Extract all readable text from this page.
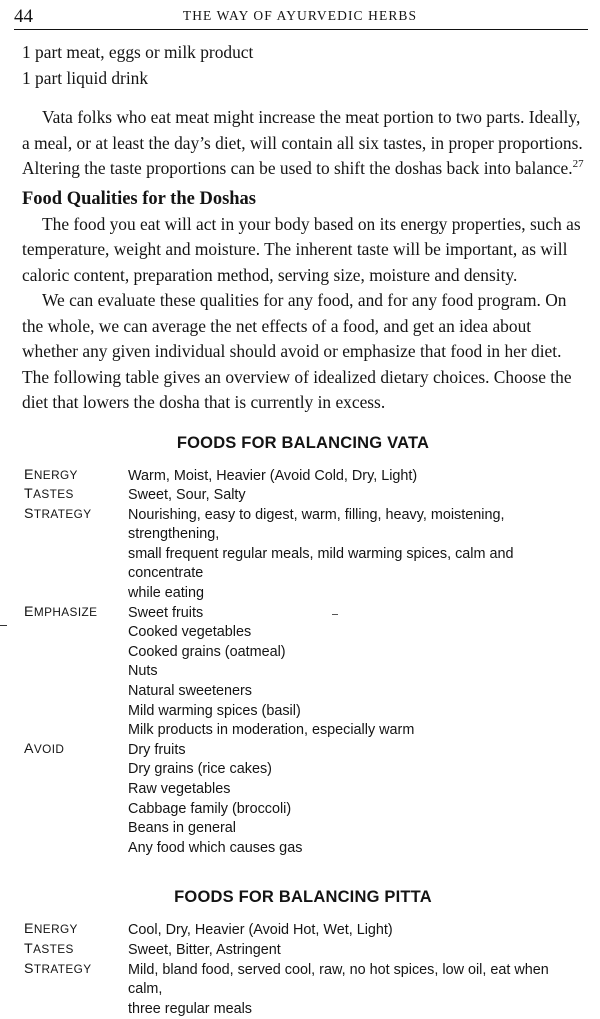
44	THE WAY OF AYURVEDIC HERBS

1 part meat, eggs or milk product

1 part liquid drink

Vata folks who eat meat might increase the meat portion to two parts. Ideally, a meal, or at least the day’s diet, will contain all six tastes, in proper proportions. Altering the taste proportions can be used to shift the doshas back into balance.$^{27}$

Food Qualities for the Doshas

The food you eat will act in your body based on its energy properties, such as temperature, weight and moisture. The inherent taste will be important, as will caloric content, preparation method, serving size, moisture and density.

We can evaluate these qualities for any food, and for any food program. On the whole, we can average the net effects of a food, and get an idea about whether any given individual should avoid or emphasize that food in her diet. The following table gives an overview of idealized dietary choices. Choose the diet that lowers the dosha that is currently in excess.

FOODS FOR BALANCING VATA
ENERGY	Warm, Moist, Heavier (Avoid Cold, Dry, Light)

TASTES	Sweet, Sour, Salty

STRATEGY	Nourishing, easy to digest, warm, filling, heavy, moistening, strengthening,
small frequent regular meals, mild warming spices, calm and concentrate
while eating

EMPHASIZE	Sweet fruits
Cooked vegetables
Cooked grains (oatmeal)
Nuts
Natural sweeteners
Mild warming spices (basil)
Milk products in moderation, especially warm

AVOID	Dry fruits
Dry grains (rice cakes)
Raw vegetables
Cabbage family (broccoli)
Beans in general
Any food which causes gas
FOODS FOR BALANCING PITTA
ENERGY	Cool, Dry, Heavier (Avoid Hot, Wet, Light)

TASTES	Sweet, Bitter, Astringent

STRATEGY	Mild, bland food, served cool, raw, no hot spices, low oil, eat when calm,
three regular meals
